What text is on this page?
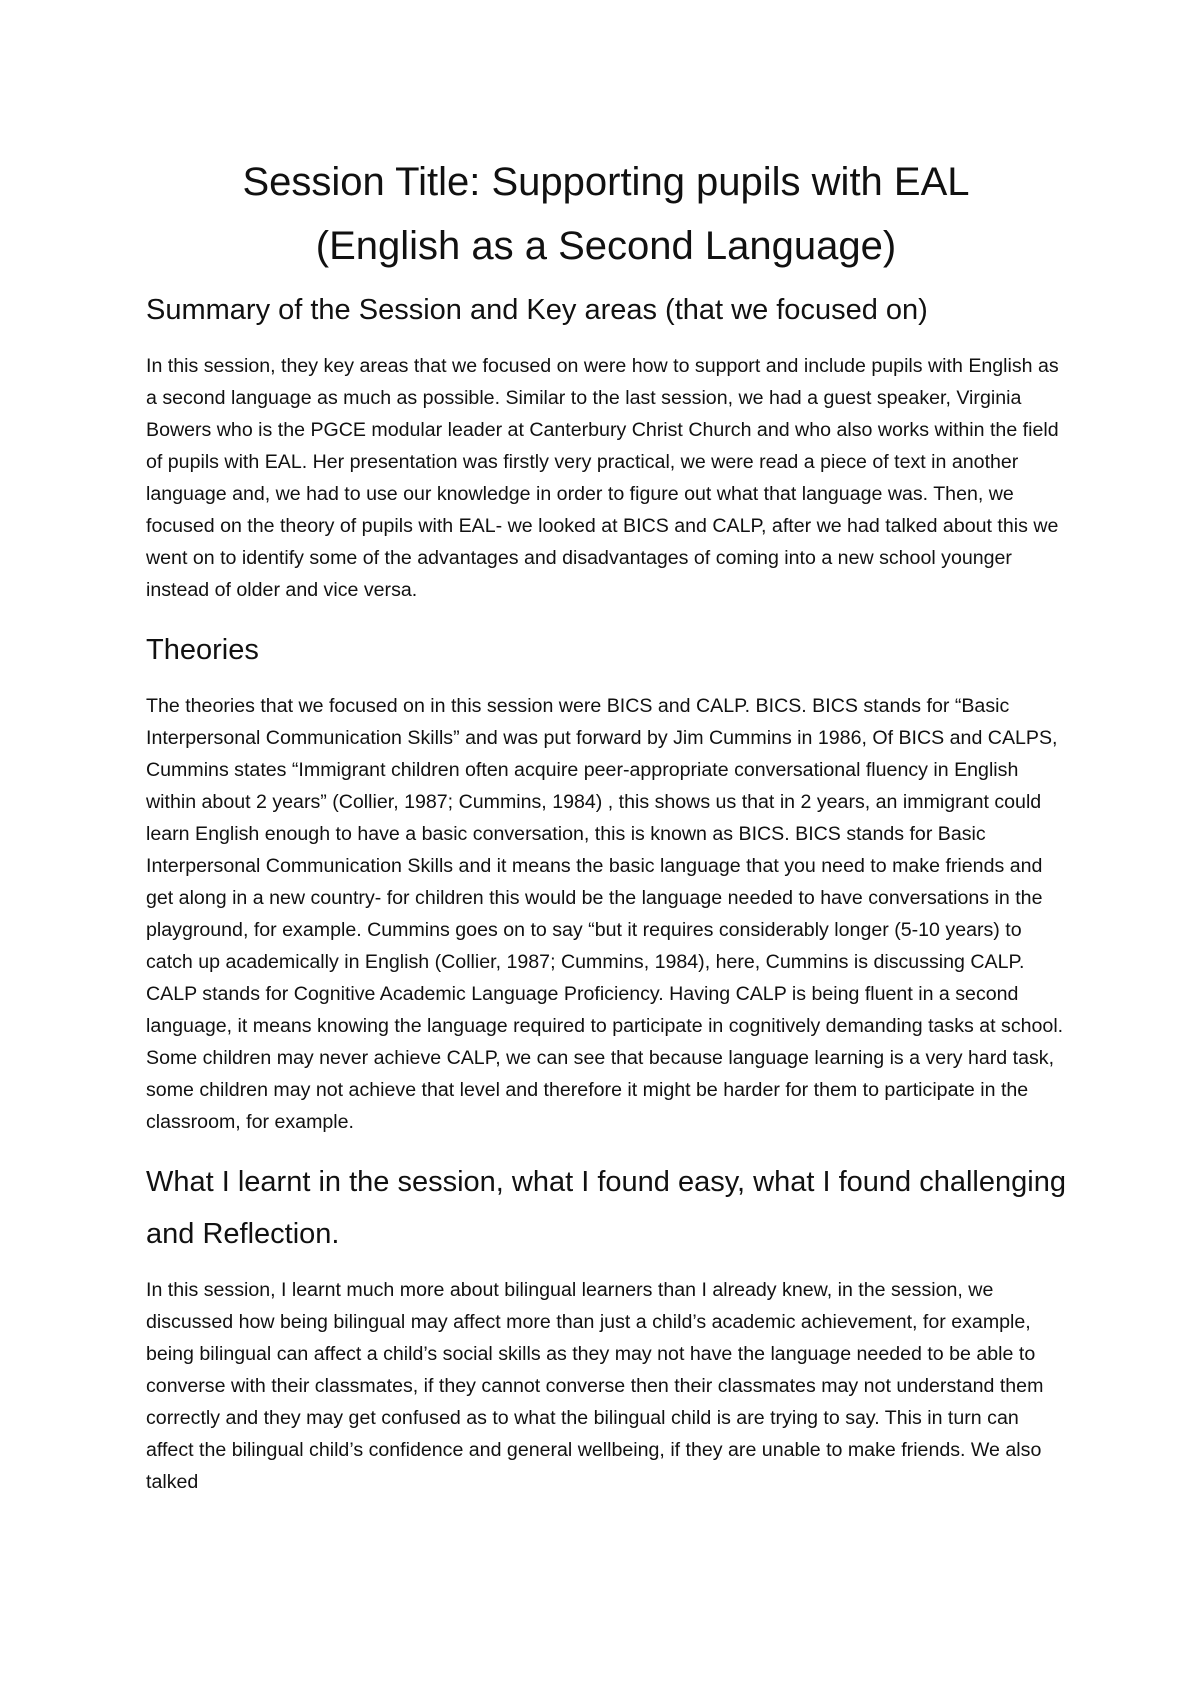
Session Title: Supporting pupils with EAL
(English as a Second Language)
Summary of the Session and Key areas (that we focused on)

In this session, they key areas that we focused on were how to support and include pupils with English as a second language as much as possible. Similar to the last session, we had a guest speaker, Virginia Bowers who is the PGCE modular leader at Canterbury Christ Church and who also works within the field of pupils with EAL. Her presentation was firstly very practical, we were read a piece of text in another language and, we had to use our knowledge in order to figure out what that language was. Then, we focused on the theory of pupils with EAL- we looked at BICS and CALP, after we had talked about this we went on to identify some of the advantages and disadvantages of coming into a new school younger instead of older and vice versa.

Theories

The theories that we focused on in this session were BICS and CALP. BICS. BICS stands for “Basic Interpersonal Communication Skills” and was put forward by Jim Cummins in 1986, Of BICS and CALPS, Cummins states “Immigrant children often acquire peer-appropriate conversational fluency in English within about 2 years” (Collier, 1987; Cummins, 1984) , this shows us that in 2 years, an immigrant could learn English enough to have a basic conversation, this is known as BICS. BICS stands for Basic Interpersonal Communication Skills and it means the basic language that you need to make friends and get along in a new country- for children this would be the language needed to have conversations in the playground, for example. Cummins goes on to say “but it requires considerably longer (5-10 years) to catch up academically in English (Collier, 1987; Cummins, 1984), here, Cummins is discussing CALP. CALP stands for Cognitive Academic Language Proficiency. Having CALP is being fluent in a second language, it means knowing the language required to participate in cognitively demanding tasks at school. Some children may never achieve CALP, we can see that because language learning is a very hard task, some children may not achieve that level and therefore it might be harder for them to participate in the classroom, for example.

What I learnt in the session, what I found easy, what I found challenging and Reflection.

In this session, I learnt much more about bilingual learners than I already knew, in the session, we discussed how being bilingual may affect more than just a child’s academic achievement, for example, being bilingual can affect a child’s social skills as they may not have the language needed to be able to converse with their classmates, if they cannot converse then their classmates may not understand them correctly and they may get confused as to what the bilingual child is are trying to say. This in turn can affect the bilingual child’s confidence and general wellbeing, if they are unable to make friends. We also talked
